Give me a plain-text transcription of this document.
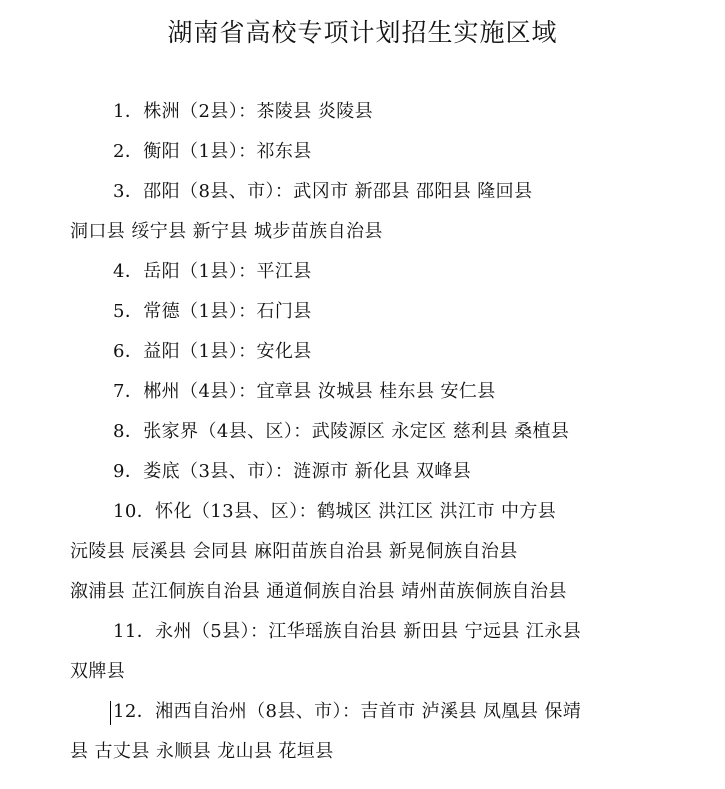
湖南省高校专项计划招生实施区域
1．株洲（2县）：茶陵县 炎陵县
2．衡阳（1县）：祁东县
3．邵阳（8县、市）：武冈市 新邵县 邵阳县 隆回县
洞口县 绥宁县 新宁县 城步苗族自治县
4．岳阳（1县）：平江县
5．常德（1县）：石门县
6．益阳（1县）：安化县
7．郴州（4县）：宜章县 汝城县 桂东县 安仁县
8．张家界（4县、区）：武陵源区 永定区 慈利县 桑植县
9．娄底（3县、市）：涟源市 新化县 双峰县
10．怀化（13县、区）：鹤城区 洪江区 洪江市 中方县
沅陵县 辰溪县 会同县 麻阳苗族自治县 新晃侗族自治县
溆浦县 芷江侗族自治县 通道侗族自治县 靖州苗族侗族自治县
11．永州（5县）：江华瑶族自治县 新田县 宁远县 江永县
双牌县
12．湘西自治州（8县、市）：吉首市 泸溪县 凤凰县 保靖
县 古丈县 永顺县 龙山县 花垣县
